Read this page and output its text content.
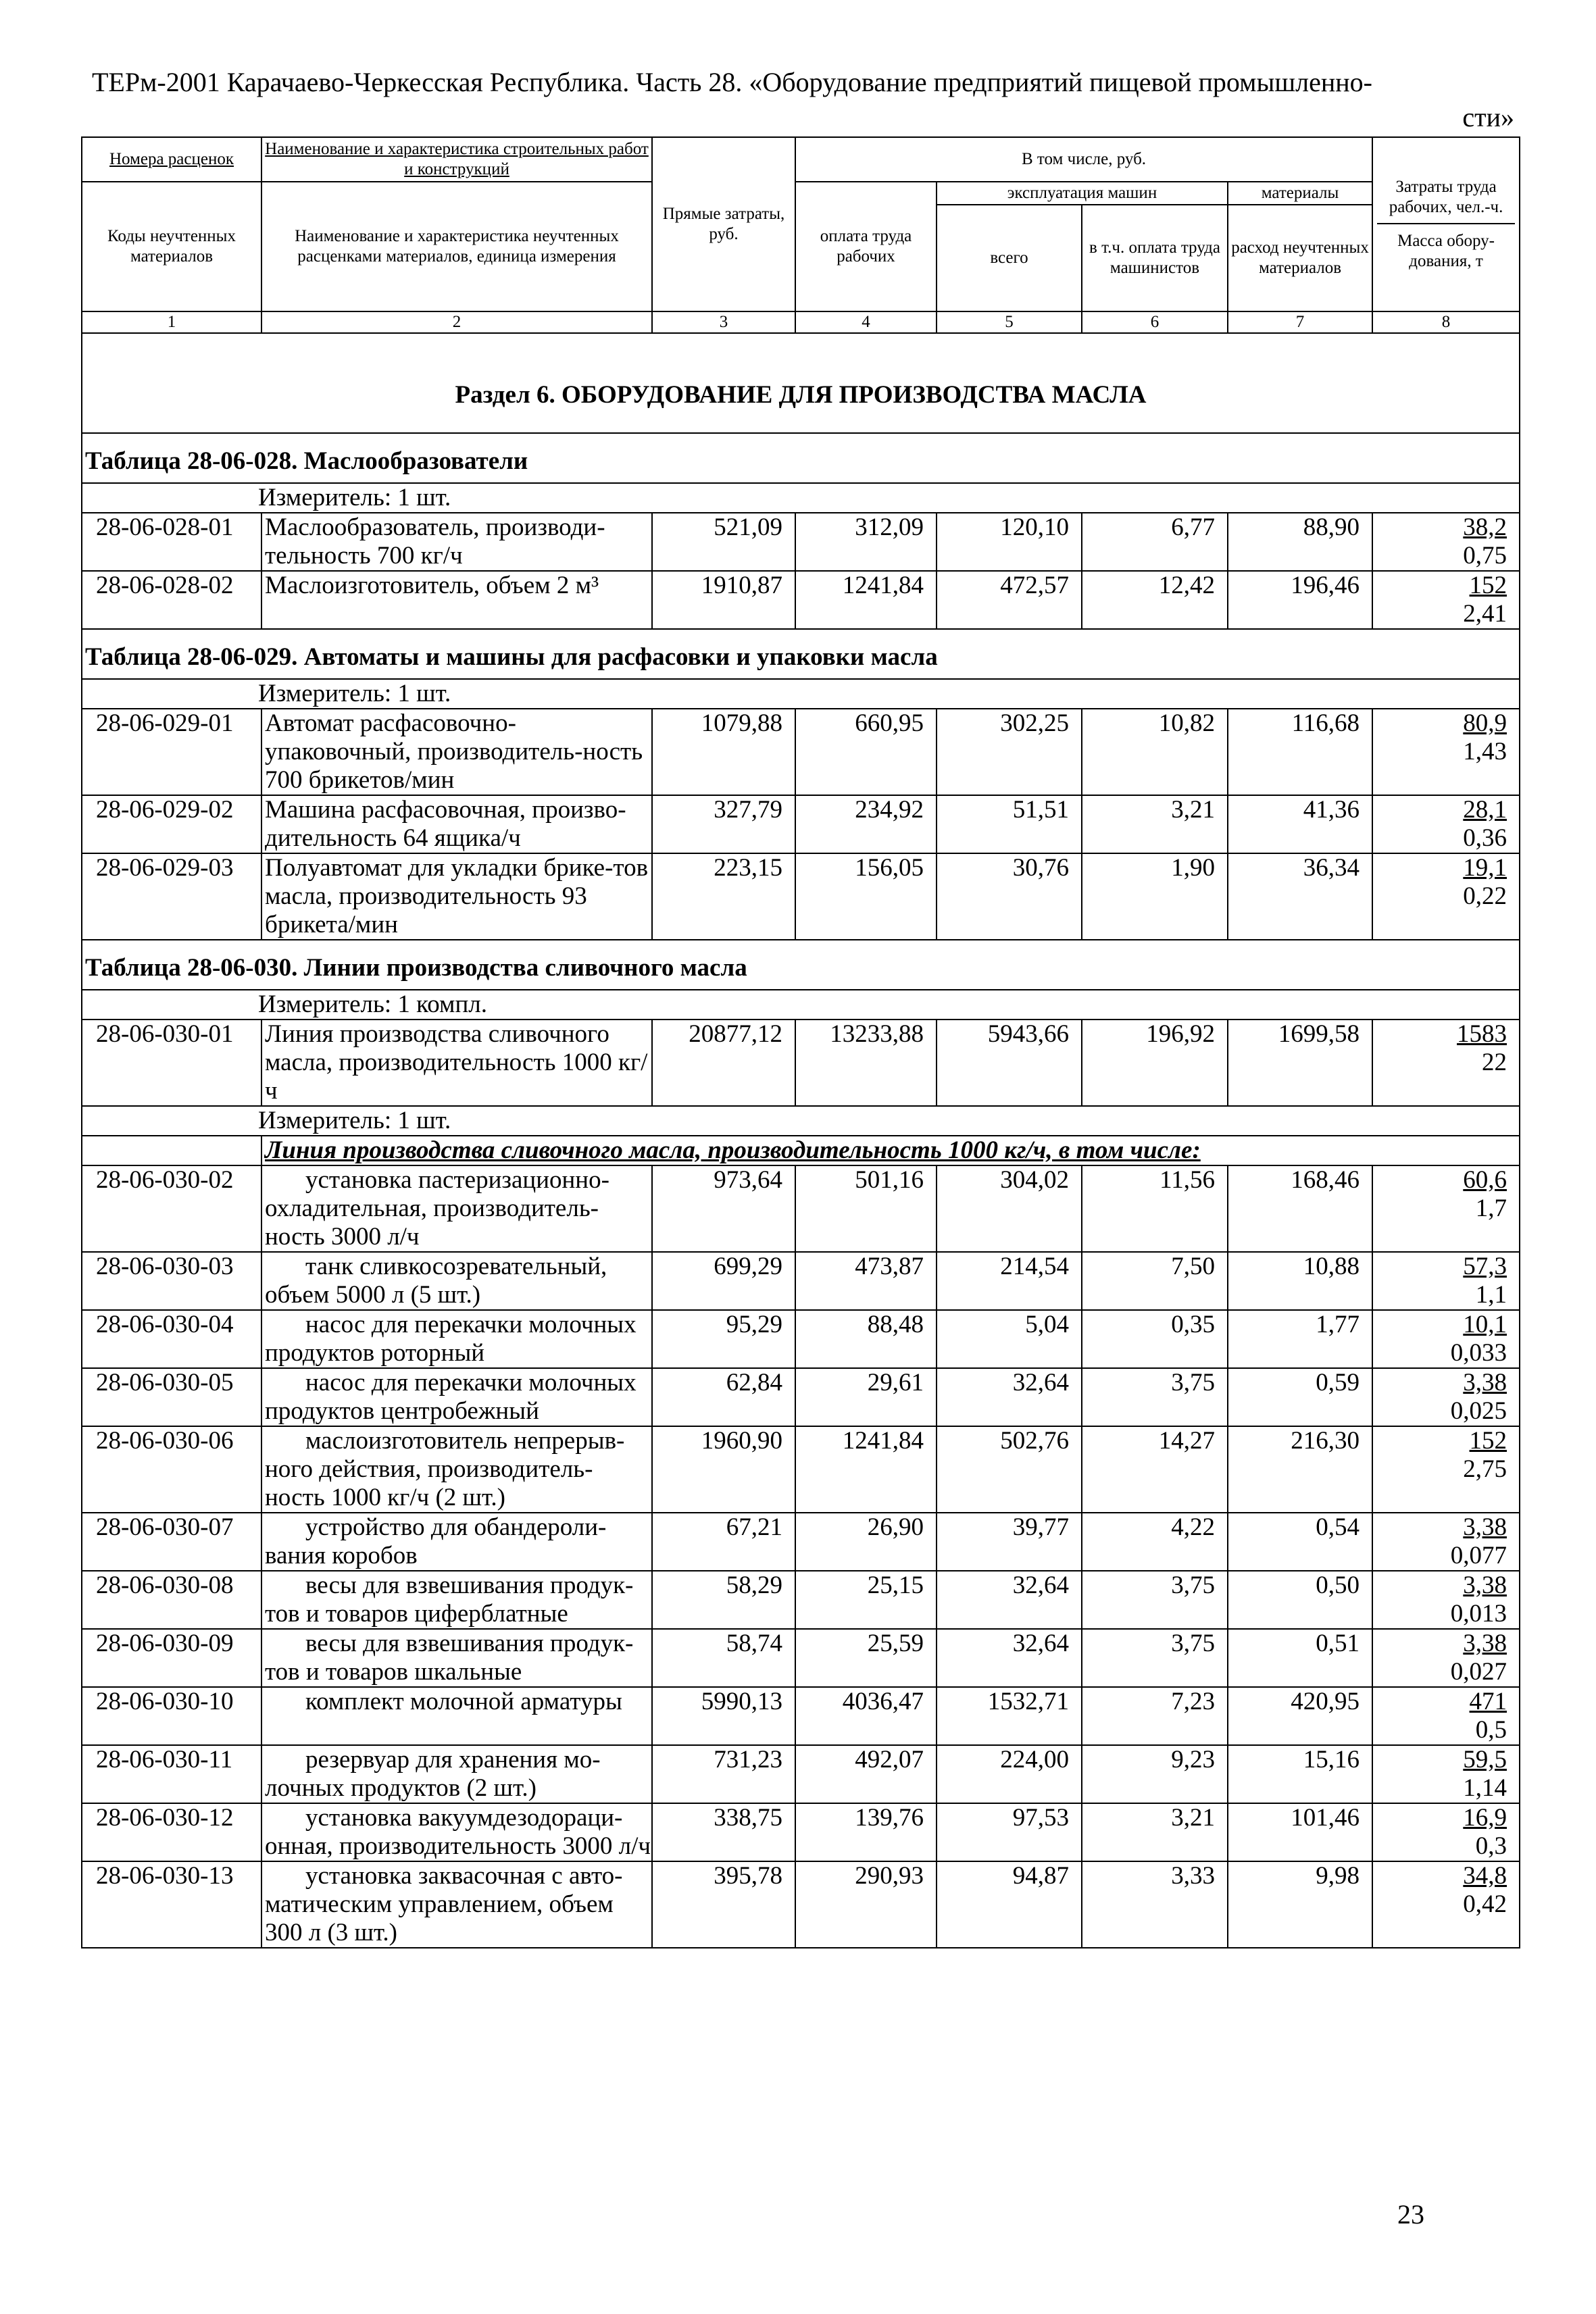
ТЕРм-2001 Карачаево-Черкесская Республика. Часть 28. «Оборудование предприятий пищевой промышленно-
сти»
Номера расценок	Наименование и характеристика строительных работ и конструкций	Прямые затраты, руб.	В том числе, руб.				Затраты труда рабочих, чел.-ч.
Масса обору-дования, т

Коды неучтенных материалов	Наименование и характеристика неучтенных расценками материалов, единица измерения		оплата труда рабочих	эксплуатация машин		материалы	
				всего	в т.ч. оплата труда машинистов	расход неучтенных материалов	
1	2	3	4	5	6	7	8
Раздел 6. ОБОРУДОВАНИЕ ДЛЯ ПРОИЗВОДСТВА МАСЛА							
Таблица 28-06-028. Маслообразователи							
Измеритель: 1 шт.							
28-06-028-01	Маслообразователь, производи-тельность 700 кг/ч	521,09	312,09	120,10	6,77	88,90	38,2
0,75

28-06-028-02	Маслоизготовитель, объем 2 м³	1910,87	1241,84	472,57	12,42	196,46	152
2,41

Таблица 28-06-029. Автоматы и машины для расфасовки и упаковки масла							
Измеритель: 1 шт.							
28-06-029-01	Автомат расфасовочно-упаковочный, производитель-ность 700 брикетов/мин	1079,88	660,95	302,25	10,82	116,68	80,9
1,43

28-06-029-02	Машина расфасовочная, произво-дительность 64 ящика/ч	327,79	234,92	51,51	3,21	41,36	28,1
0,36

28-06-029-03	Полуавтомат для укладки брике-тов масла, производительность 93 брикета/мин	223,15	156,05	30,76	1,90	36,34	19,1
0,22

Таблица 28-06-030. Линии производства сливочного масла							
Измеритель: 1 компл.							
28-06-030-01	Линия производства сливочного масла, производительность 1000 кг/ч	20877,12	13233,88	5943,66	196,92	1699,58	1583
22

Измеритель: 1 шт.							
	Линия производства сливочного масла, производительность 1000 кг/ч, в том числе:						
28-06-030-02	установка пастеризационно-охладительная, производитель-ность 3000 л/ч	973,64	501,16	304,02	11,56	168,46	60,6
1,7

28-06-030-03	танк сливкосозревательный, объем 5000 л (5 шт.)	699,29	473,87	214,54	7,50	10,88	57,3
1,1

28-06-030-04	насос для перекачки молочных продуктов роторный	95,29	88,48	5,04	0,35	1,77	10,1
0,033

28-06-030-05	насос для перекачки молочных продуктов центробежный	62,84	29,61	32,64	3,75	0,59	3,38
0,025

28-06-030-06	маслоизготовитель непрерыв-ного действия, производитель-ность 1000 кг/ч (2 шт.)	1960,90	1241,84	502,76	14,27	216,30	152
2,75

28-06-030-07	устройство для обандероли-вания коробов	67,21	26,90	39,77	4,22	0,54	3,38
0,077

28-06-030-08	весы для взвешивания продук-тов и товаров циферблатные	58,29	25,15	32,64	3,75	0,50	3,38
0,013

28-06-030-09	весы для взвешивания продук-тов и товаров шкальные	58,74	25,59	32,64	3,75	0,51	3,38
0,027

28-06-030-10	комплект молочной арматуры	5990,13	4036,47	1532,71	7,23	420,95	471
0,5

28-06-030-11	резервуар для хранения мо-лочных продуктов (2 шт.)	731,23	492,07	224,00	9,23	15,16	59,5
1,14

28-06-030-12	установка вакуумдезодораци-онная, производительность 3000 л/ч	338,75	139,76	97,53	3,21	101,46	16,9
0,3

28-06-030-13	установка заквасочная с авто-матическим управлением, объем 300 л (3 шт.)	395,78	290,93	94,87	3,33	9,98	34,8
0,42
23
